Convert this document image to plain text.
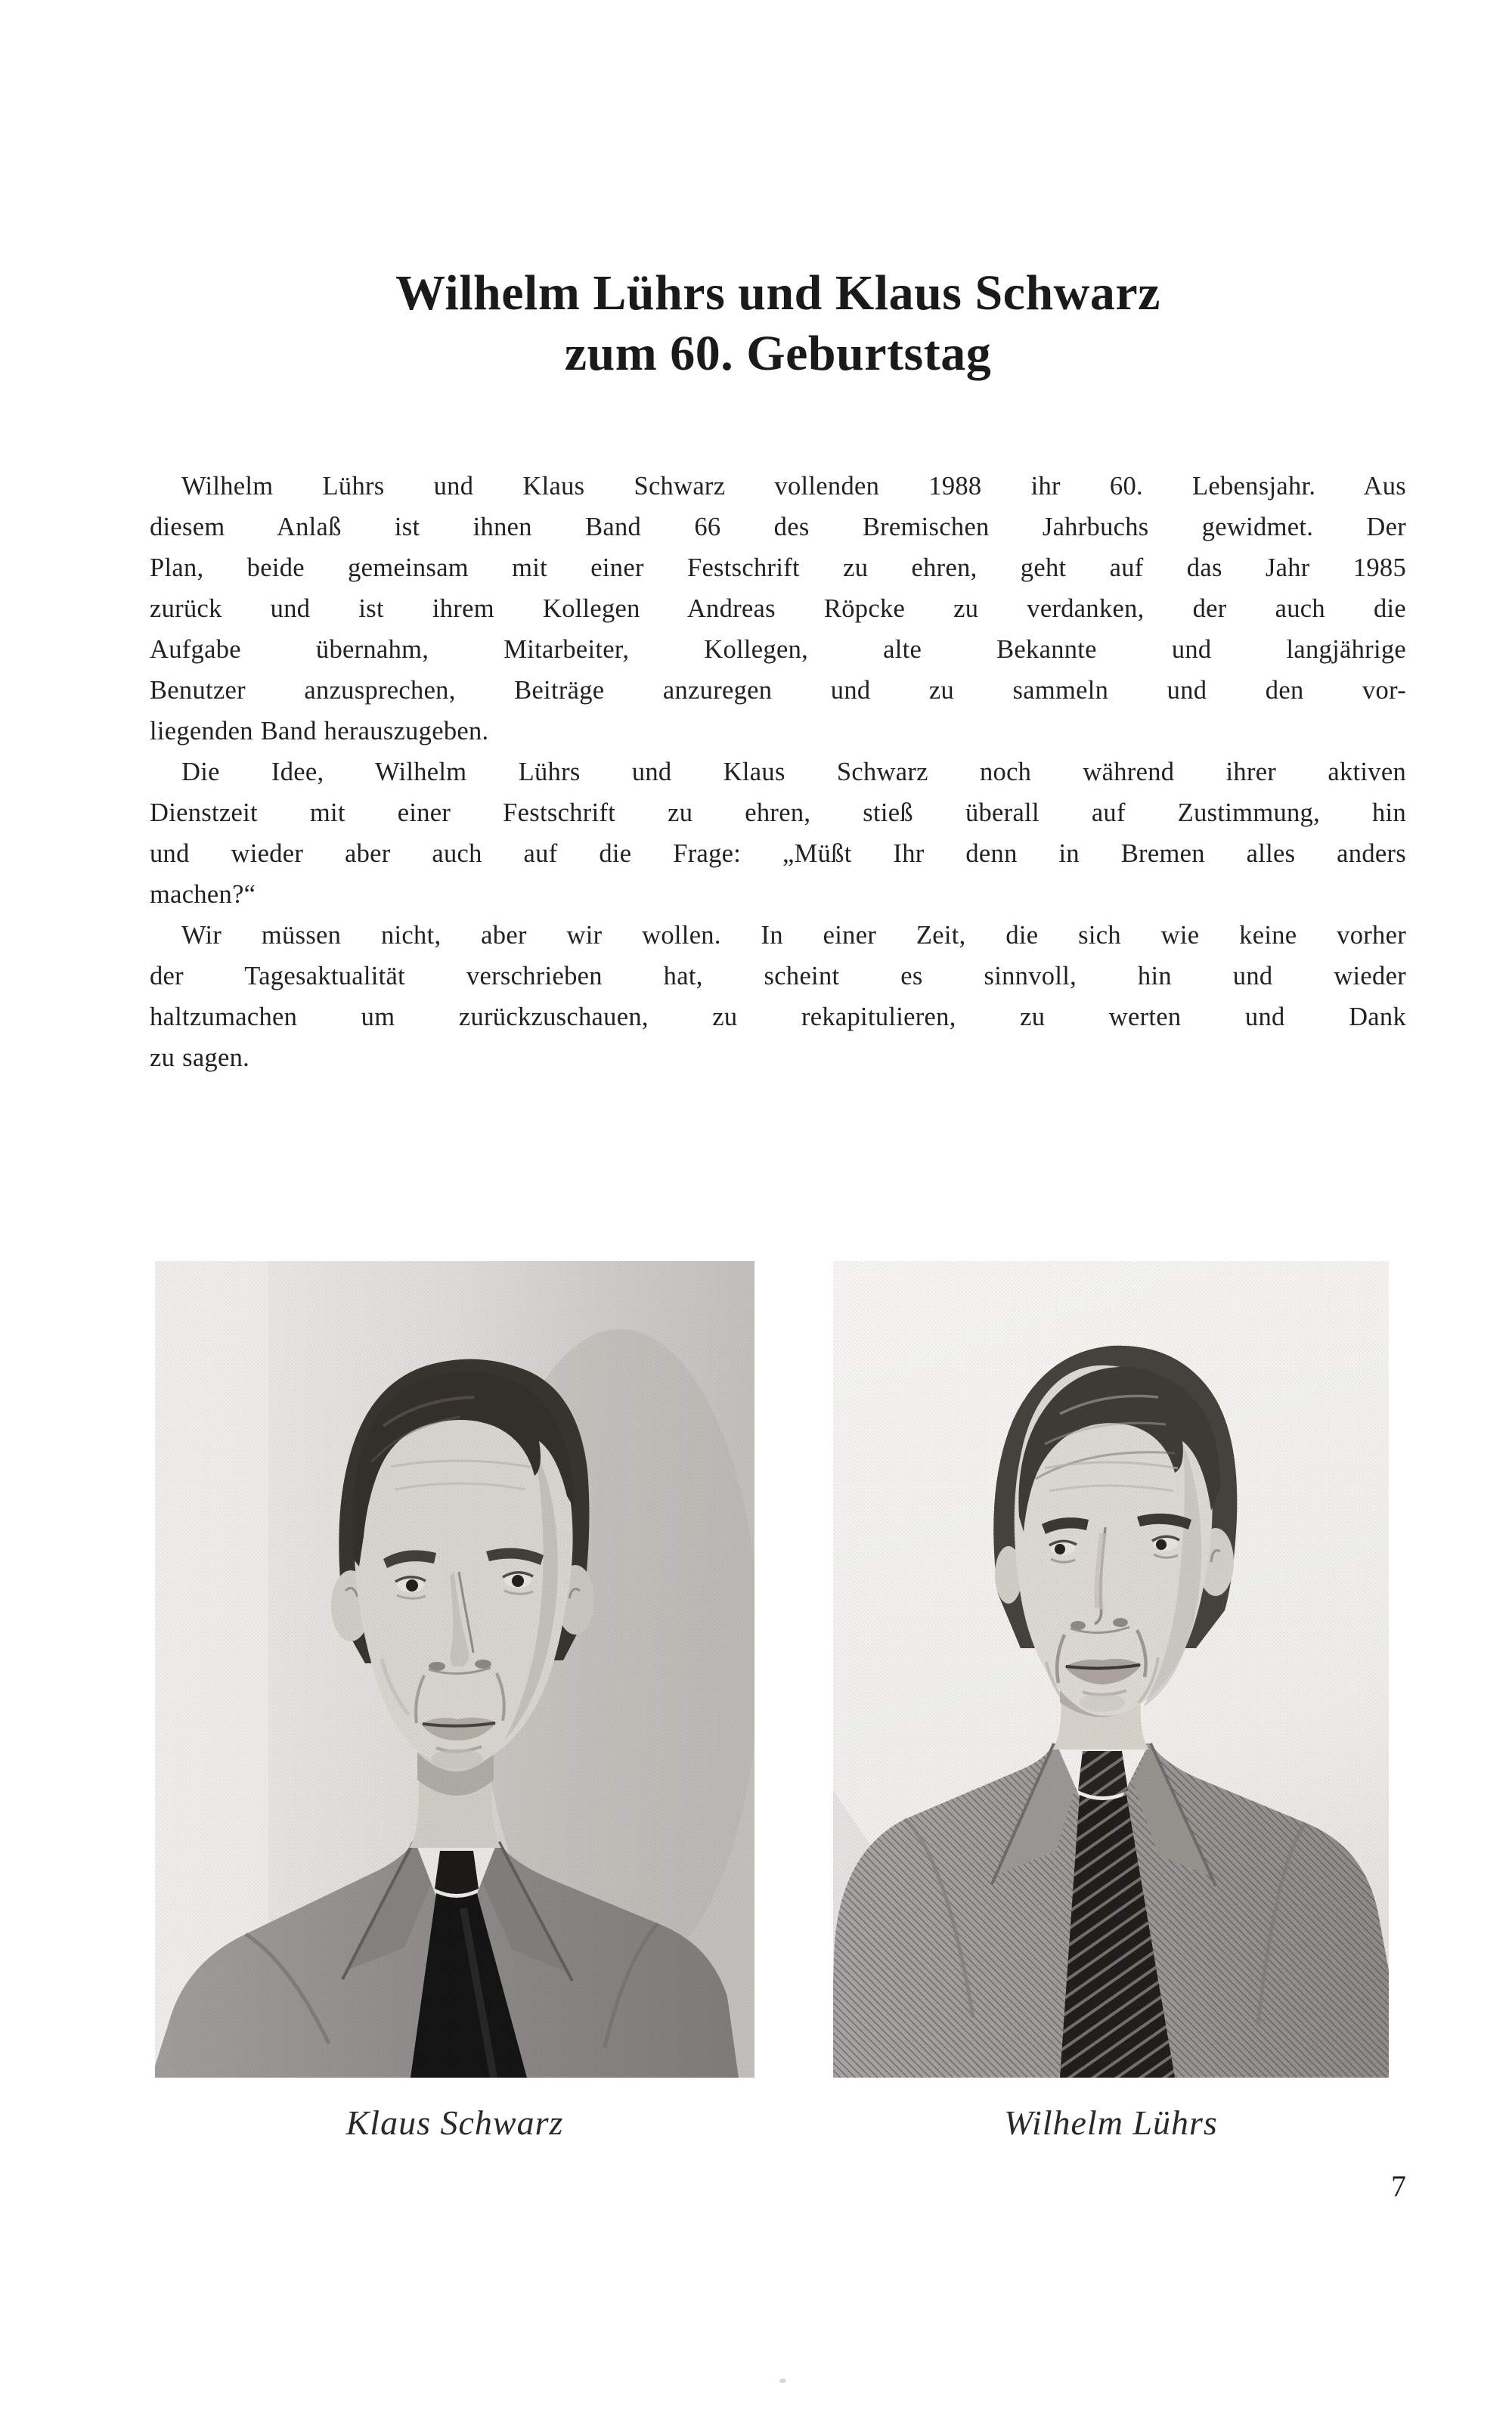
Wilhelm Lührs und Klaus Schwarz
zum 60. Geburtstag

Wilhelm Lührs und Klaus Schwarz vollenden 1988 ihr 60. Lebensjahr. Aus
diesem Anlaß ist ihnen Band 66 des Bremischen Jahrbuchs gewidmet. Der
Plan, beide gemeinsam mit einer Festschrift zu ehren, geht auf das Jahr 1985
zurück und ist ihrem Kollegen Andreas Röpcke zu verdanken, der auch die
Aufgabe übernahm, Mitarbeiter, Kollegen, alte Bekannte und langjährige
Benutzer anzusprechen, Beiträge anzuregen und zu sammeln und den vor-
liegenden Band herauszugeben.

Die Idee, Wilhelm Lührs und Klaus Schwarz noch während ihrer aktiven
Dienstzeit mit einer Festschrift zu ehren, stieß überall auf Zustimmung, hin
und wieder aber auch auf die Frage: „Müßt Ihr denn in Bremen alles anders
machen?“

Wir müssen nicht, aber wir wollen. In einer Zeit, die sich wie keine vorher
der Tagesaktualität verschrieben hat, scheint es sinnvoll, hin und wieder
haltzumachen um zurückzuschauen, zu rekapitulieren, zu werten und Dank
zu sagen.

Klaus Schwarz	Wilhelm Lührs
7
